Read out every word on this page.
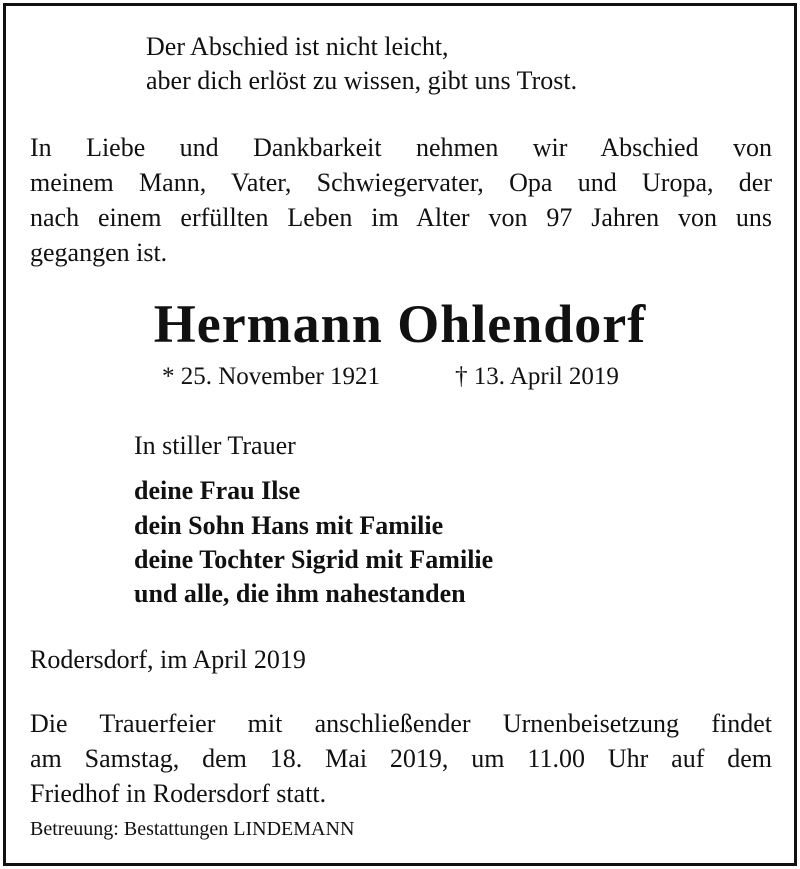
Der Abschied ist nicht leicht,

aber dich erlöst zu wissen, gibt uns Trost.

In Liebe und Dankbarkeit nehmen wir Abschied von
meinem Mann, Vater, Schwiegervater, Opa und Uropa, der
nach einem erfüllten Leben im Alter von 97 Jahren von uns
gegangen ist.
Hermann Ohlendorf

* 25. November 1921	† 13. April 2019

In stiller Trauer

deine Frau Ilse

dein Sohn Hans mit Familie

deine Tochter Sigrid mit Familie

und alle, die ihm nahestanden

Rodersdorf, im April 2019

Die Trauerfeier mit anschließender Urnenbeisetzung findet
am Samstag, dem 18. Mai 2019, um 11.00 Uhr auf dem
Friedhof in Rodersdorf statt.

Betreuung: Bestattungen LINDEMANN
